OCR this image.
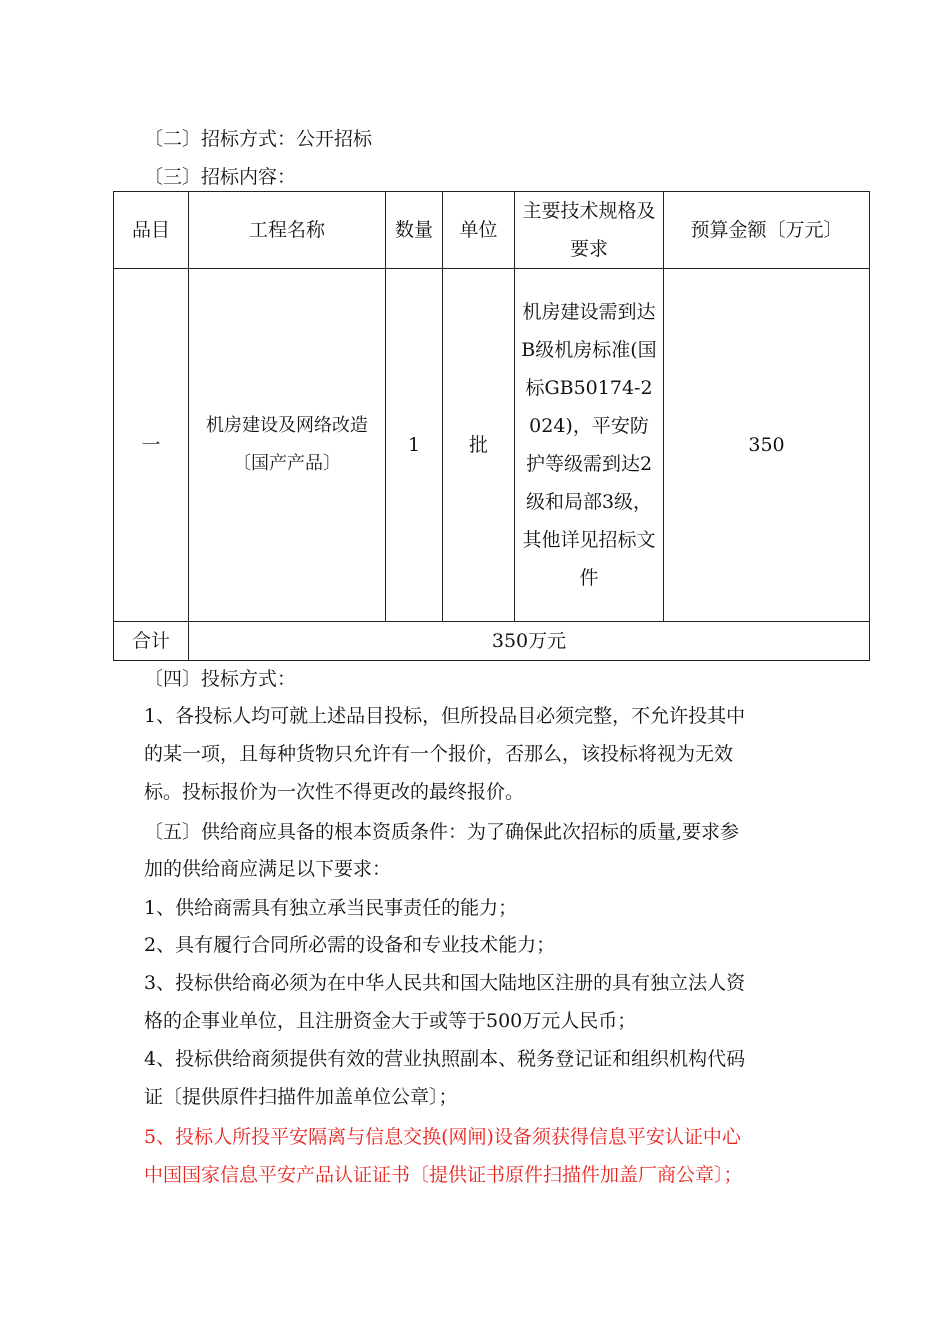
〔二〕招标方式：公开招标
〔三〕招标内容：
品目	工程名称	数量	单位	主要技术规格及要求	预算金额〔万元〕
一	机房建设及网络改造〔国产产品〕	1	批	机房建设需到达B级机房标准(国标GB50174-2024)，平安防护等级需到达2级和局部3级，其他详见招标文件	350
合计	350万元				
〔四〕投标方式：
1、各投标人均可就上述品目投标，但所投品目必须完整，不允许投其中
的某一项，且每种货物只允许有一个报价，否那么，该投标将视为无效
标。投标报价为一次性不得更改的最终报价。
〔五〕供给商应具备的根本资质条件：为了确保此次招标的质量,要求参
加的供给商应满足以下要求：
1、供给商需具有独立承当民事责任的能力；
2、具有履行合同所必需的设备和专业技术能力；
3、投标供给商必须为在中华人民共和国大陆地区注册的具有独立法人资
格的企事业单位，且注册资金大于或等于500万元人民币；
4、投标供给商须提供有效的营业执照副本、税务登记证和组织机构代码
证〔提供原件扫描件加盖单位公章〕；
5、投标人所投平安隔离与信息交换(网闸)设备须获得信息平安认证中心
中国国家信息平安产品认证证书〔提供证书原件扫描件加盖厂商公章〕；
